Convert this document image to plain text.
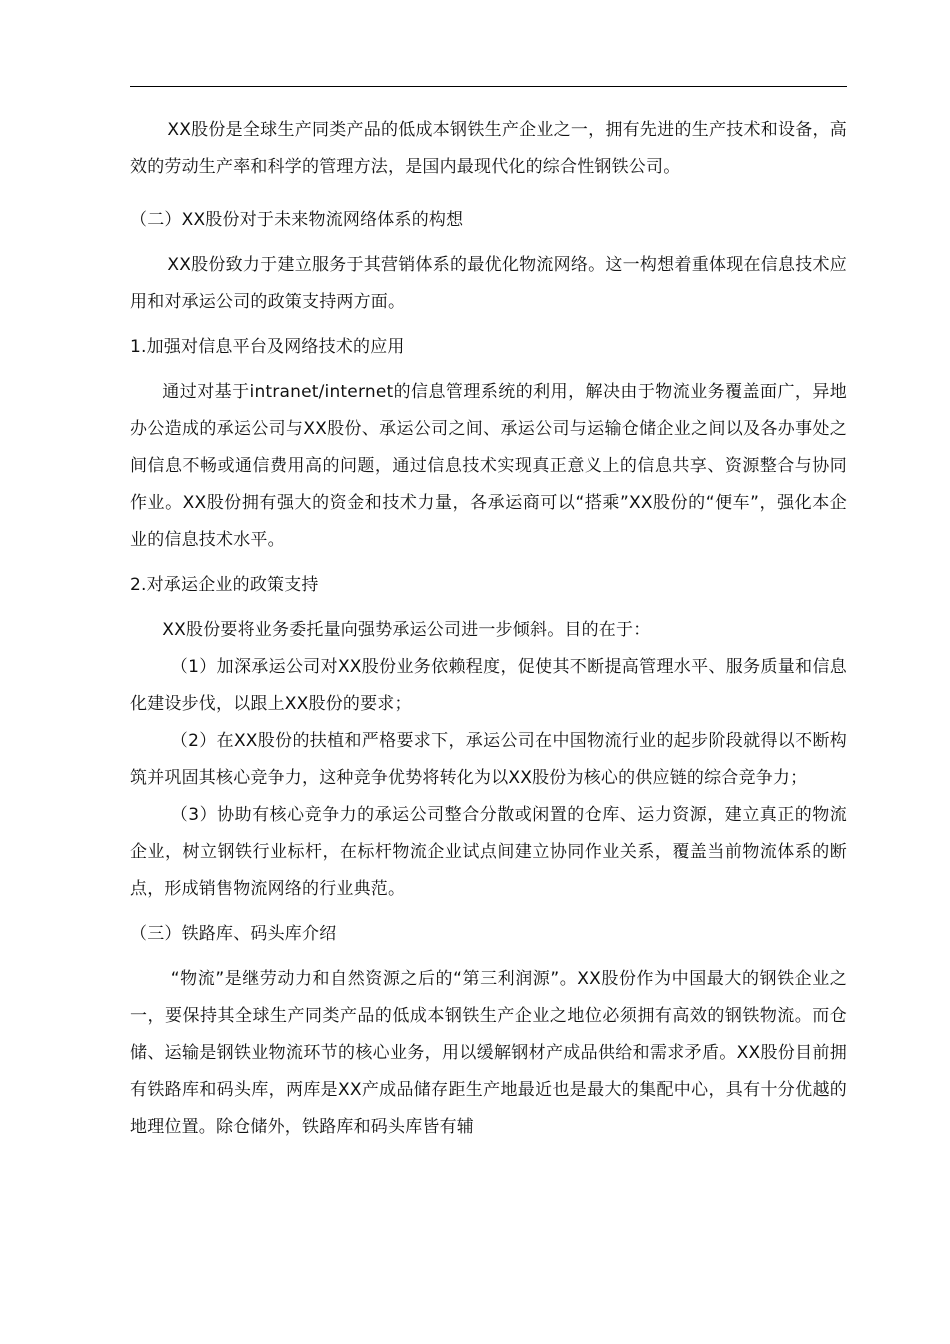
XX股份是全球生产同类产品的低成本钢铁生产企业之一，拥有先进的生产技术和设备，高效的劳动生产率和科学的管理方法，是国内最现代化的综合性钢铁公司。

（二）XX股份对于未来物流网络体系的构想

XX股份致力于建立服务于其营销体系的最优化物流网络。这一构想着重体现在信息技术应用和对承运公司的政策支持两方面。

1.加强对信息平台及网络技术的应用

通过对基于intranet/internet的信息管理系统的利用，解决由于物流业务覆盖面广，异地办公造成的承运公司与XX股份、承运公司之间、承运公司与运输仓储企业之间以及各办事处之间信息不畅或通信费用高的问题，通过信息技术实现真正意义上的信息共享、资源整合与协同作业。XX股份拥有强大的资金和技术力量，各承运商可以“搭乘”XX股份的“便车”，强化本企业的信息技术水平。

2.对承运企业的政策支持

XX股份要将业务委托量向强势承运公司进一步倾斜。目的在于：

（1）加深承运公司对XX股份业务依赖程度，促使其不断提高管理水平、服务质量和信息化建设步伐，以跟上XX股份的要求；

（2）在XX股份的扶植和严格要求下，承运公司在中国物流行业的起步阶段就得以不断构筑并巩固其核心竞争力，这种竞争优势将转化为以XX股份为核心的供应链的综合竞争力；

（3）协助有核心竞争力的承运公司整合分散或闲置的仓库、运力资源，建立真正的物流企业，树立钢铁行业标杆，在标杆物流企业试点间建立协同作业关系，覆盖当前物流体系的断点，形成销售物流网络的行业典范。

（三）铁路库、码头库介绍

“物流”是继劳动力和自然资源之后的“第三利润源”。XX股份作为中国最大的钢铁企业之一，要保持其全球生产同类产品的低成本钢铁生产企业之地位必须拥有高效的钢铁物流。而仓储、运输是钢铁业物流环节的核心业务，用以缓解钢材产成品供给和需求矛盾。XX股份目前拥有铁路库和码头库，两库是XX产成品储存距生产地最近也是最大的集配中心，具有十分优越的地理位置。除仓储外，铁路库和码头库皆有辅
